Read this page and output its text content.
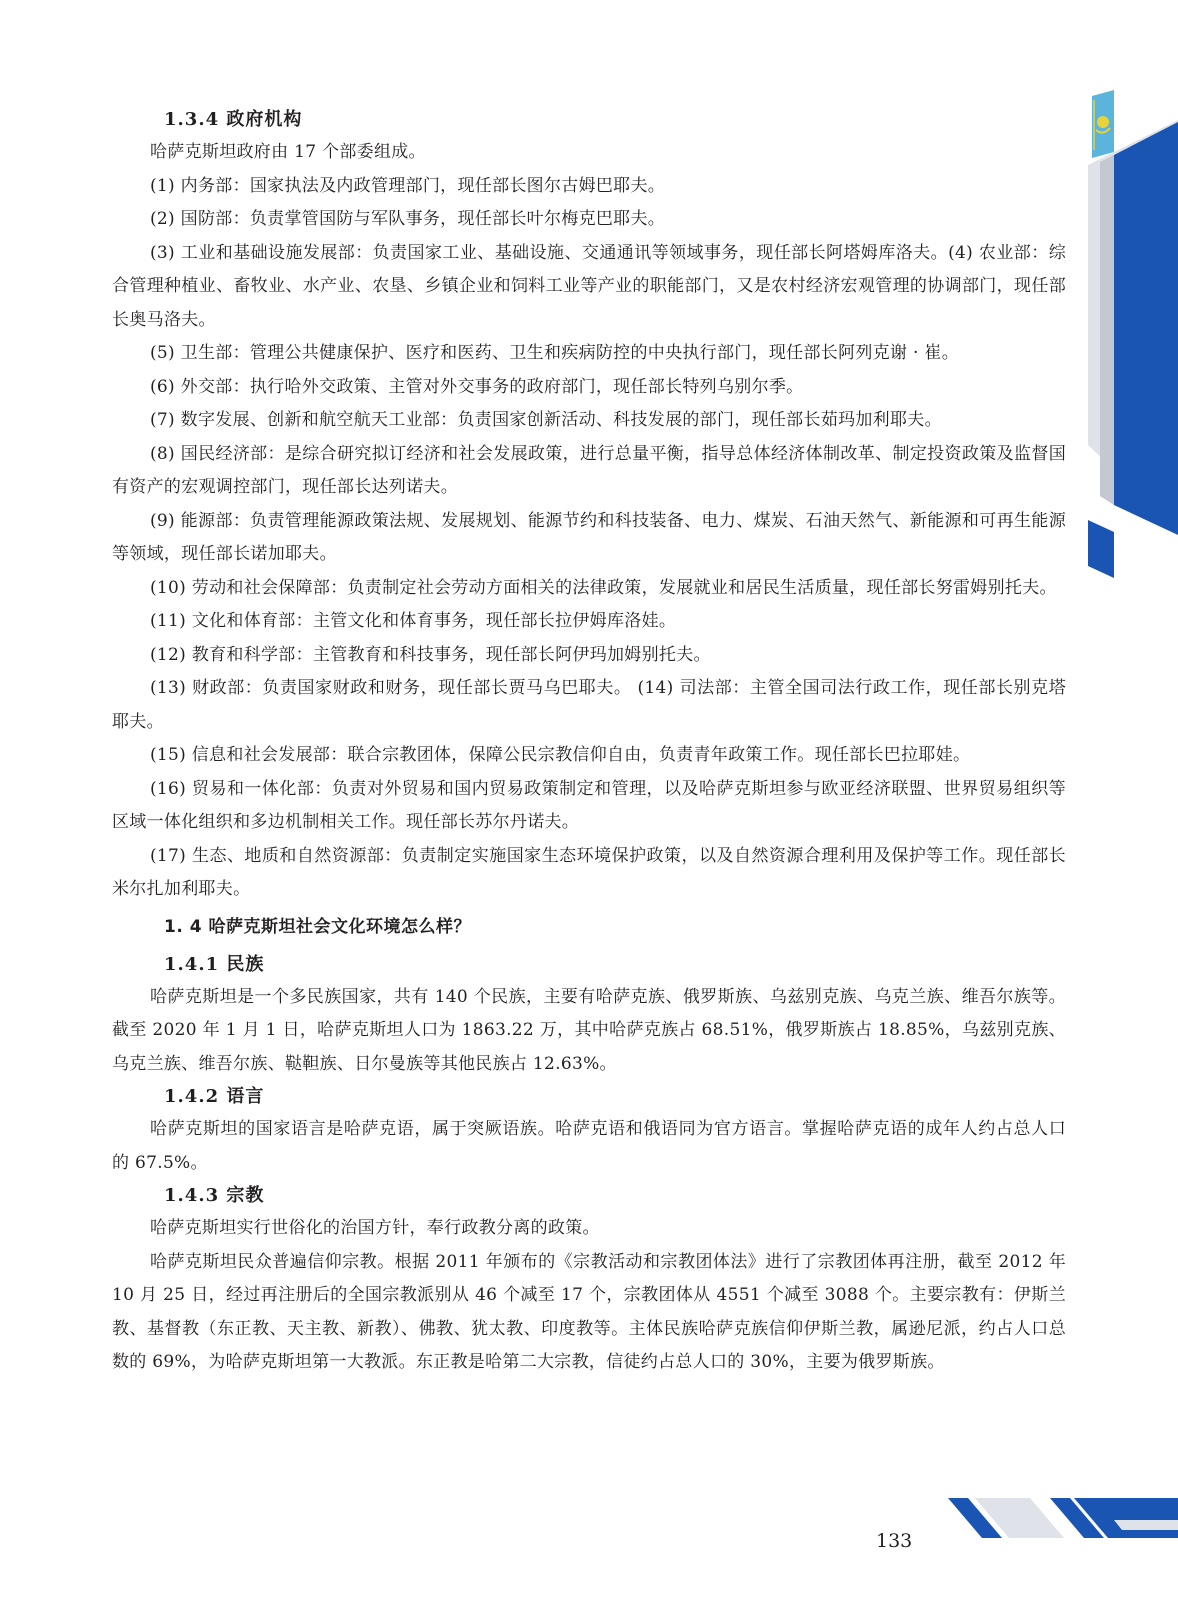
1.3.4 政府机构

哈萨克斯坦政府由 17 个部委组成。

(1) 内务部：国家执法及内政管理部门，现任部长图尔古姆巴耶夫。

(2) 国防部：负责掌管国防与军队事务，现任部长叶尔梅克巴耶夫。

(3) 工业和基础设施发展部：负责国家工业、基础设施、交通通讯等领域事务，现任部长阿塔姆库洛夫。(4) 农业部：综合管理种植业、畜牧业、水产业、农垦、乡镇企业和饲料工业等产业的职能部门，又是农村经济宏观管理的协调部门，现任部长奥马洛夫。

(5) 卫生部：管理公共健康保护、医疗和医药、卫生和疾病防控的中央执行部门，现任部长阿列克谢 · 崔。

(6) 外交部：执行哈外交政策、主管对外交事务的政府部门，现任部长特列乌别尔季。

(7) 数字发展、创新和航空航天工业部：负责国家创新活动、科技发展的部门，现任部长茹玛加利耶夫。

(8) 国民经济部：是综合研究拟订经济和社会发展政策，进行总量平衡，指导总体经济体制改革、制定投资政策及监督国有资产的宏观调控部门，现任部长达列诺夫。

(9) 能源部：负责管理能源政策法规、发展规划、能源节约和科技装备、电力、煤炭、石油天然气、新能源和可再生能源等领域，现任部长诺加耶夫。

(10) 劳动和社会保障部：负责制定社会劳动方面相关的法律政策，发展就业和居民生活质量，现任部长努雷姆别托夫。

(11) 文化和体育部：主管文化和体育事务，现任部长拉伊姆库洛娃。

(12) 教育和科学部：主管教育和科技事务，现任部长阿伊玛加姆别托夫。

(13) 财政部：负责国家财政和财务，现任部长贾马乌巴耶夫。 (14) 司法部：主管全国司法行政工作，现任部长别克塔耶夫。

(15) 信息和社会发展部：联合宗教团体，保障公民宗教信仰自由，负责青年政策工作。现任部长巴拉耶娃。

(16) 贸易和一体化部：负责对外贸易和国内贸易政策制定和管理，以及哈萨克斯坦参与欧亚经济联盟、世界贸易组织等区域一体化组织和多边机制相关工作。现任部长苏尔丹诺夫。

(17) 生态、地质和自然资源部：负责制定实施国家生态环境保护政策，以及自然资源合理利用及保护等工作。现任部长米尔扎加利耶夫。

1. 4 哈萨克斯坦社会文化环境怎么样？
1.4.1 民族

哈萨克斯坦是一个多民族国家，共有 140 个民族，主要有哈萨克族、俄罗斯族、乌兹别克族、乌克兰族、维吾尔族等。截至 2020 年 1 月 1 日，哈萨克斯坦人口为 1863.22 万，其中哈萨克族占 68.51%，俄罗斯族占 18.85%，乌兹别克族、乌克兰族、维吾尔族、鞑靼族、日尔曼族等其他民族占 12.63%。

1.4.2 语言

哈萨克斯坦的国家语言是哈萨克语，属于突厥语族。哈萨克语和俄语同为官方语言。掌握哈萨克语的成年人约占总人口的 67.5%。

1.4.3 宗教

哈萨克斯坦实行世俗化的治国方针，奉行政教分离的政策。

哈萨克斯坦民众普遍信仰宗教。根据 2011 年颁布的《宗教活动和宗教团体法》进行了宗教团体再注册，截至 2012 年 10 月 25 日，经过再注册后的全国宗教派别从 46 个减至 17 个，宗教团体从 4551 个减至 3088 个。主要宗教有：伊斯兰教、基督教（东正教、天主教、新教）、佛教、犹太教、印度教等。主体民族哈萨克族信仰伊斯兰教，属逊尼派，约占人口总数的 69%，为哈萨克斯坦第一大教派。东正教是哈第二大宗教，信徒约占总人口的 30%，主要为俄罗斯族。

133
